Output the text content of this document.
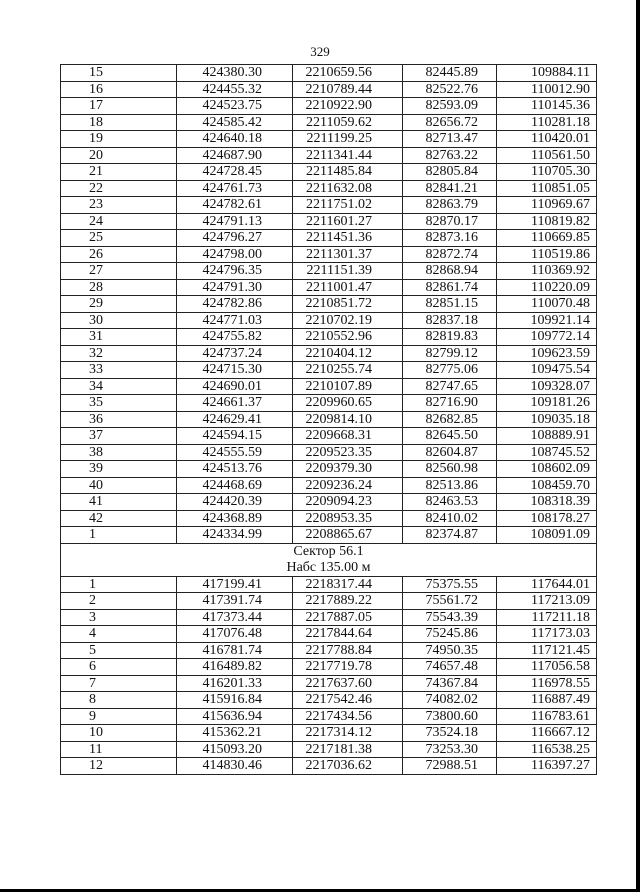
329
15	424380.30	2210659.56	82445.89	109884.11
16	424455.32	2210789.44	82522.76	110012.90
17	424523.75	2210922.90	82593.09	110145.36
18	424585.42	2211059.62	82656.72	110281.18
19	424640.18	2211199.25	82713.47	110420.01
20	424687.90	2211341.44	82763.22	110561.50
21	424728.45	2211485.84	82805.84	110705.30
22	424761.73	2211632.08	82841.21	110851.05
23	424782.61	2211751.02	82863.79	110969.67
24	424791.13	2211601.27	82870.17	110819.82
25	424796.27	2211451.36	82873.16	110669.85
26	424798.00	2211301.37	82872.74	110519.86
27	424796.35	2211151.39	82868.94	110369.92
28	424791.30	2211001.47	82861.74	110220.09
29	424782.86	2210851.72	82851.15	110070.48
30	424771.03	2210702.19	82837.18	109921.14
31	424755.82	2210552.96	82819.83	109772.14
32	424737.24	2210404.12	82799.12	109623.59
33	424715.30	2210255.74	82775.06	109475.54
34	424690.01	2210107.89	82747.65	109328.07
35	424661.37	2209960.65	82716.90	109181.26
36	424629.41	2209814.10	82682.85	109035.18
37	424594.15	2209668.31	82645.50	108889.91
38	424555.59	2209523.35	82604.87	108745.52
39	424513.76	2209379.30	82560.98	108602.09
40	424468.69	2209236.24	82513.86	108459.70
41	424420.39	2209094.23	82463.53	108318.39
42	424368.89	2208953.35	82410.02	108178.27
1	424334.99	2208865.67	82374.87	108091.09

Сектор 56.1
Набс 135.00 м				

1	417199.41	2218317.44	75375.55	117644.01
2	417391.74	2217889.22	75561.72	117213.09
3	417373.44	2217887.05	75543.39	117211.18
4	417076.48	2217844.64	75245.86	117173.03
5	416781.74	2217788.84	74950.35	117121.45
6	416489.82	2217719.78	74657.48	117056.58
7	416201.33	2217637.60	74367.84	116978.55
8	415916.84	2217542.46	74082.02	116887.49
9	415636.94	2217434.56	73800.60	116783.61
10	415362.21	2217314.12	73524.18	116667.12
11	415093.20	2217181.38	73253.30	116538.25
12	414830.46	2217036.62	72988.51	116397.27
